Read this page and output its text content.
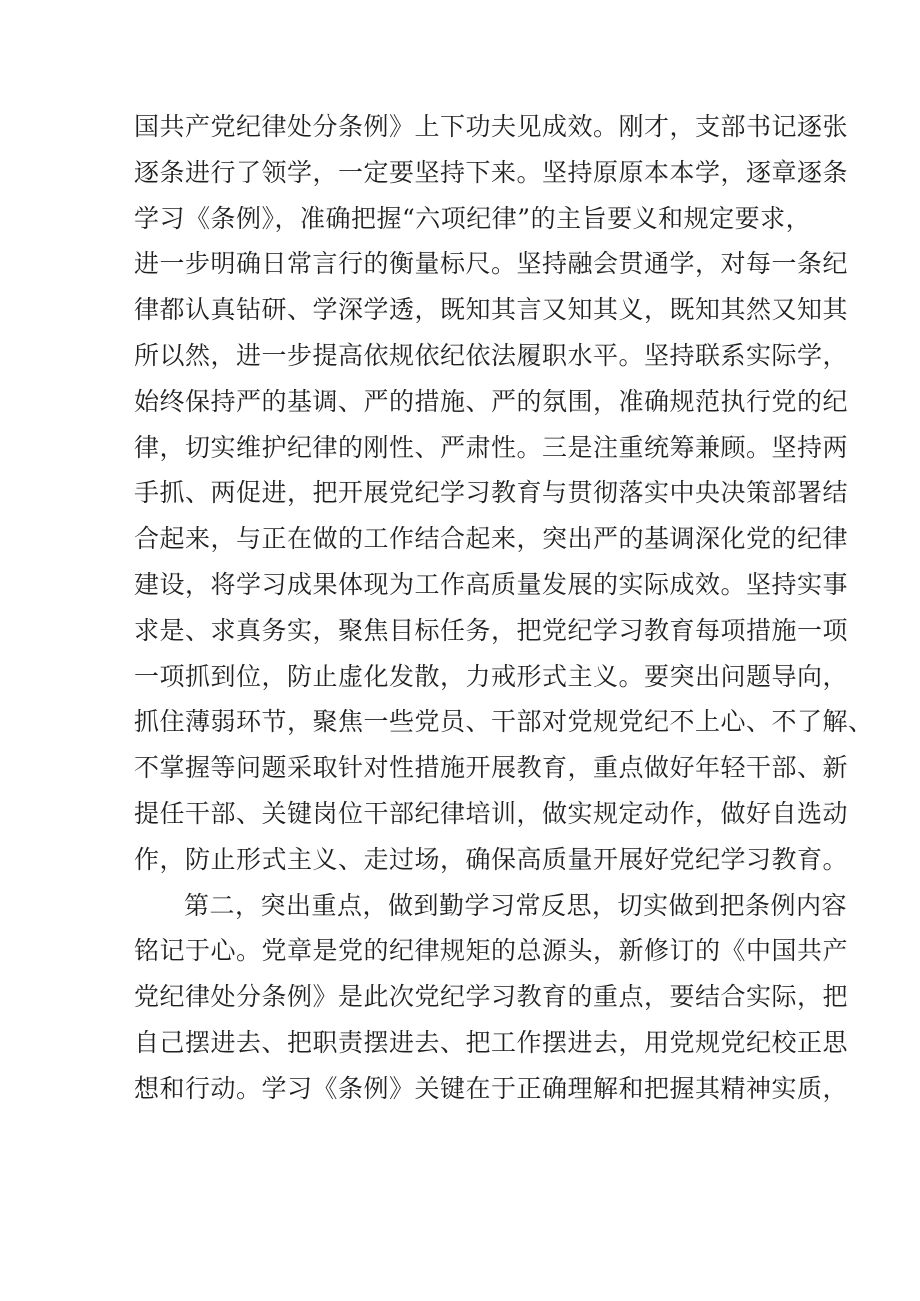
国共产党纪律处分条例》上下功夫见成效。刚才，支部书记逐张
逐条进行了领学，一定要坚持下来。坚持原原本本学，逐章逐条
学习《条例》，准确把握“六项纪律”的主旨要义和规定要求，
进一步明确日常言行的衡量标尺。坚持融会贯通学，对每一条纪
律都认真钻研、学深学透，既知其言又知其义，既知其然又知其
所以然，进一步提高依规依纪依法履职水平。坚持联系实际学，
始终保持严的基调、严的措施、严的氛围，准确规范执行党的纪
律，切实维护纪律的刚性、严肃性。三是注重统筹兼顾。坚持两
手抓、两促进，把开展党纪学习教育与贯彻落实中央决策部署结
合起来，与正在做的工作结合起来，突出严的基调深化党的纪律
建设，将学习成果体现为工作高质量发展的实际成效。坚持实事
求是、求真务实，聚焦目标任务，把党纪学习教育每项措施一项
一项抓到位，防止虚化发散，力戒形式主义。要突出问题导向，
抓住薄弱环节，聚焦一些党员、干部对党规党纪不上心、不了解、
不掌握等问题采取针对性措施开展教育，重点做好年轻干部、新
提任干部、关键岗位干部纪律培训，做实规定动作，做好自选动
作，防止形式主义、走过场，确保高质量开展好党纪学习教育。
第二，突出重点，做到勤学习常反思，切实做到把条例内容
铭记于心。党章是党的纪律规矩的总源头，新修订的《中国共产
党纪律处分条例》是此次党纪学习教育的重点，要结合实际，把
自己摆进去、把职责摆进去、把工作摆进去，用党规党纪校正思
想和行动。学习《条例》关键在于正确理解和把握其精神实质，
